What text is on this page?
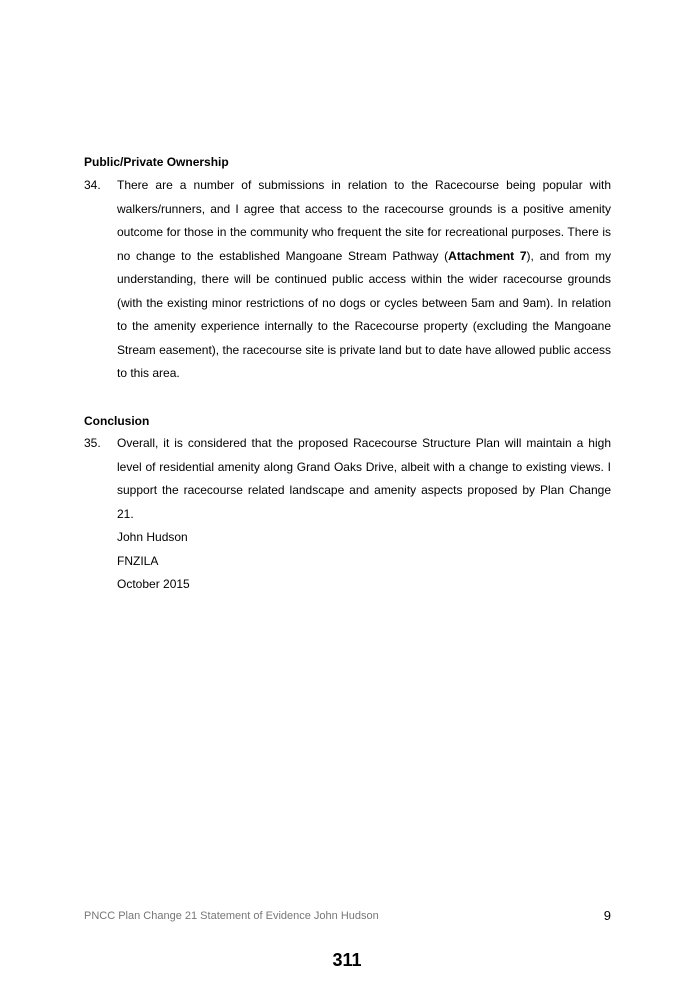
Public/Private Ownership
34. There are a number of submissions in relation to the Racecourse being popular with walkers/runners, and I agree that access to the racecourse grounds is a positive amenity outcome for those in the community who frequent the site for recreational purposes. There is no change to the established Mangoane Stream Pathway (Attachment 7), and from my understanding, there will be continued public access within the wider racecourse grounds (with the existing minor restrictions of no dogs or cycles between 5am and 9am). In relation to the amenity experience internally to the Racecourse property (excluding the Mangoane Stream easement), the racecourse site is private land but to date have allowed public access to this area.
Conclusion
35. Overall, it is considered that the proposed Racecourse Structure Plan will maintain a high level of residential amenity along Grand Oaks Drive, albeit with a change to existing views. I support the racecourse related landscape and amenity aspects proposed by Plan Change 21.
John Hudson
FNZILA
October 2015
PNCC Plan Change 21 Statement of Evidence John Hudson	9
311
